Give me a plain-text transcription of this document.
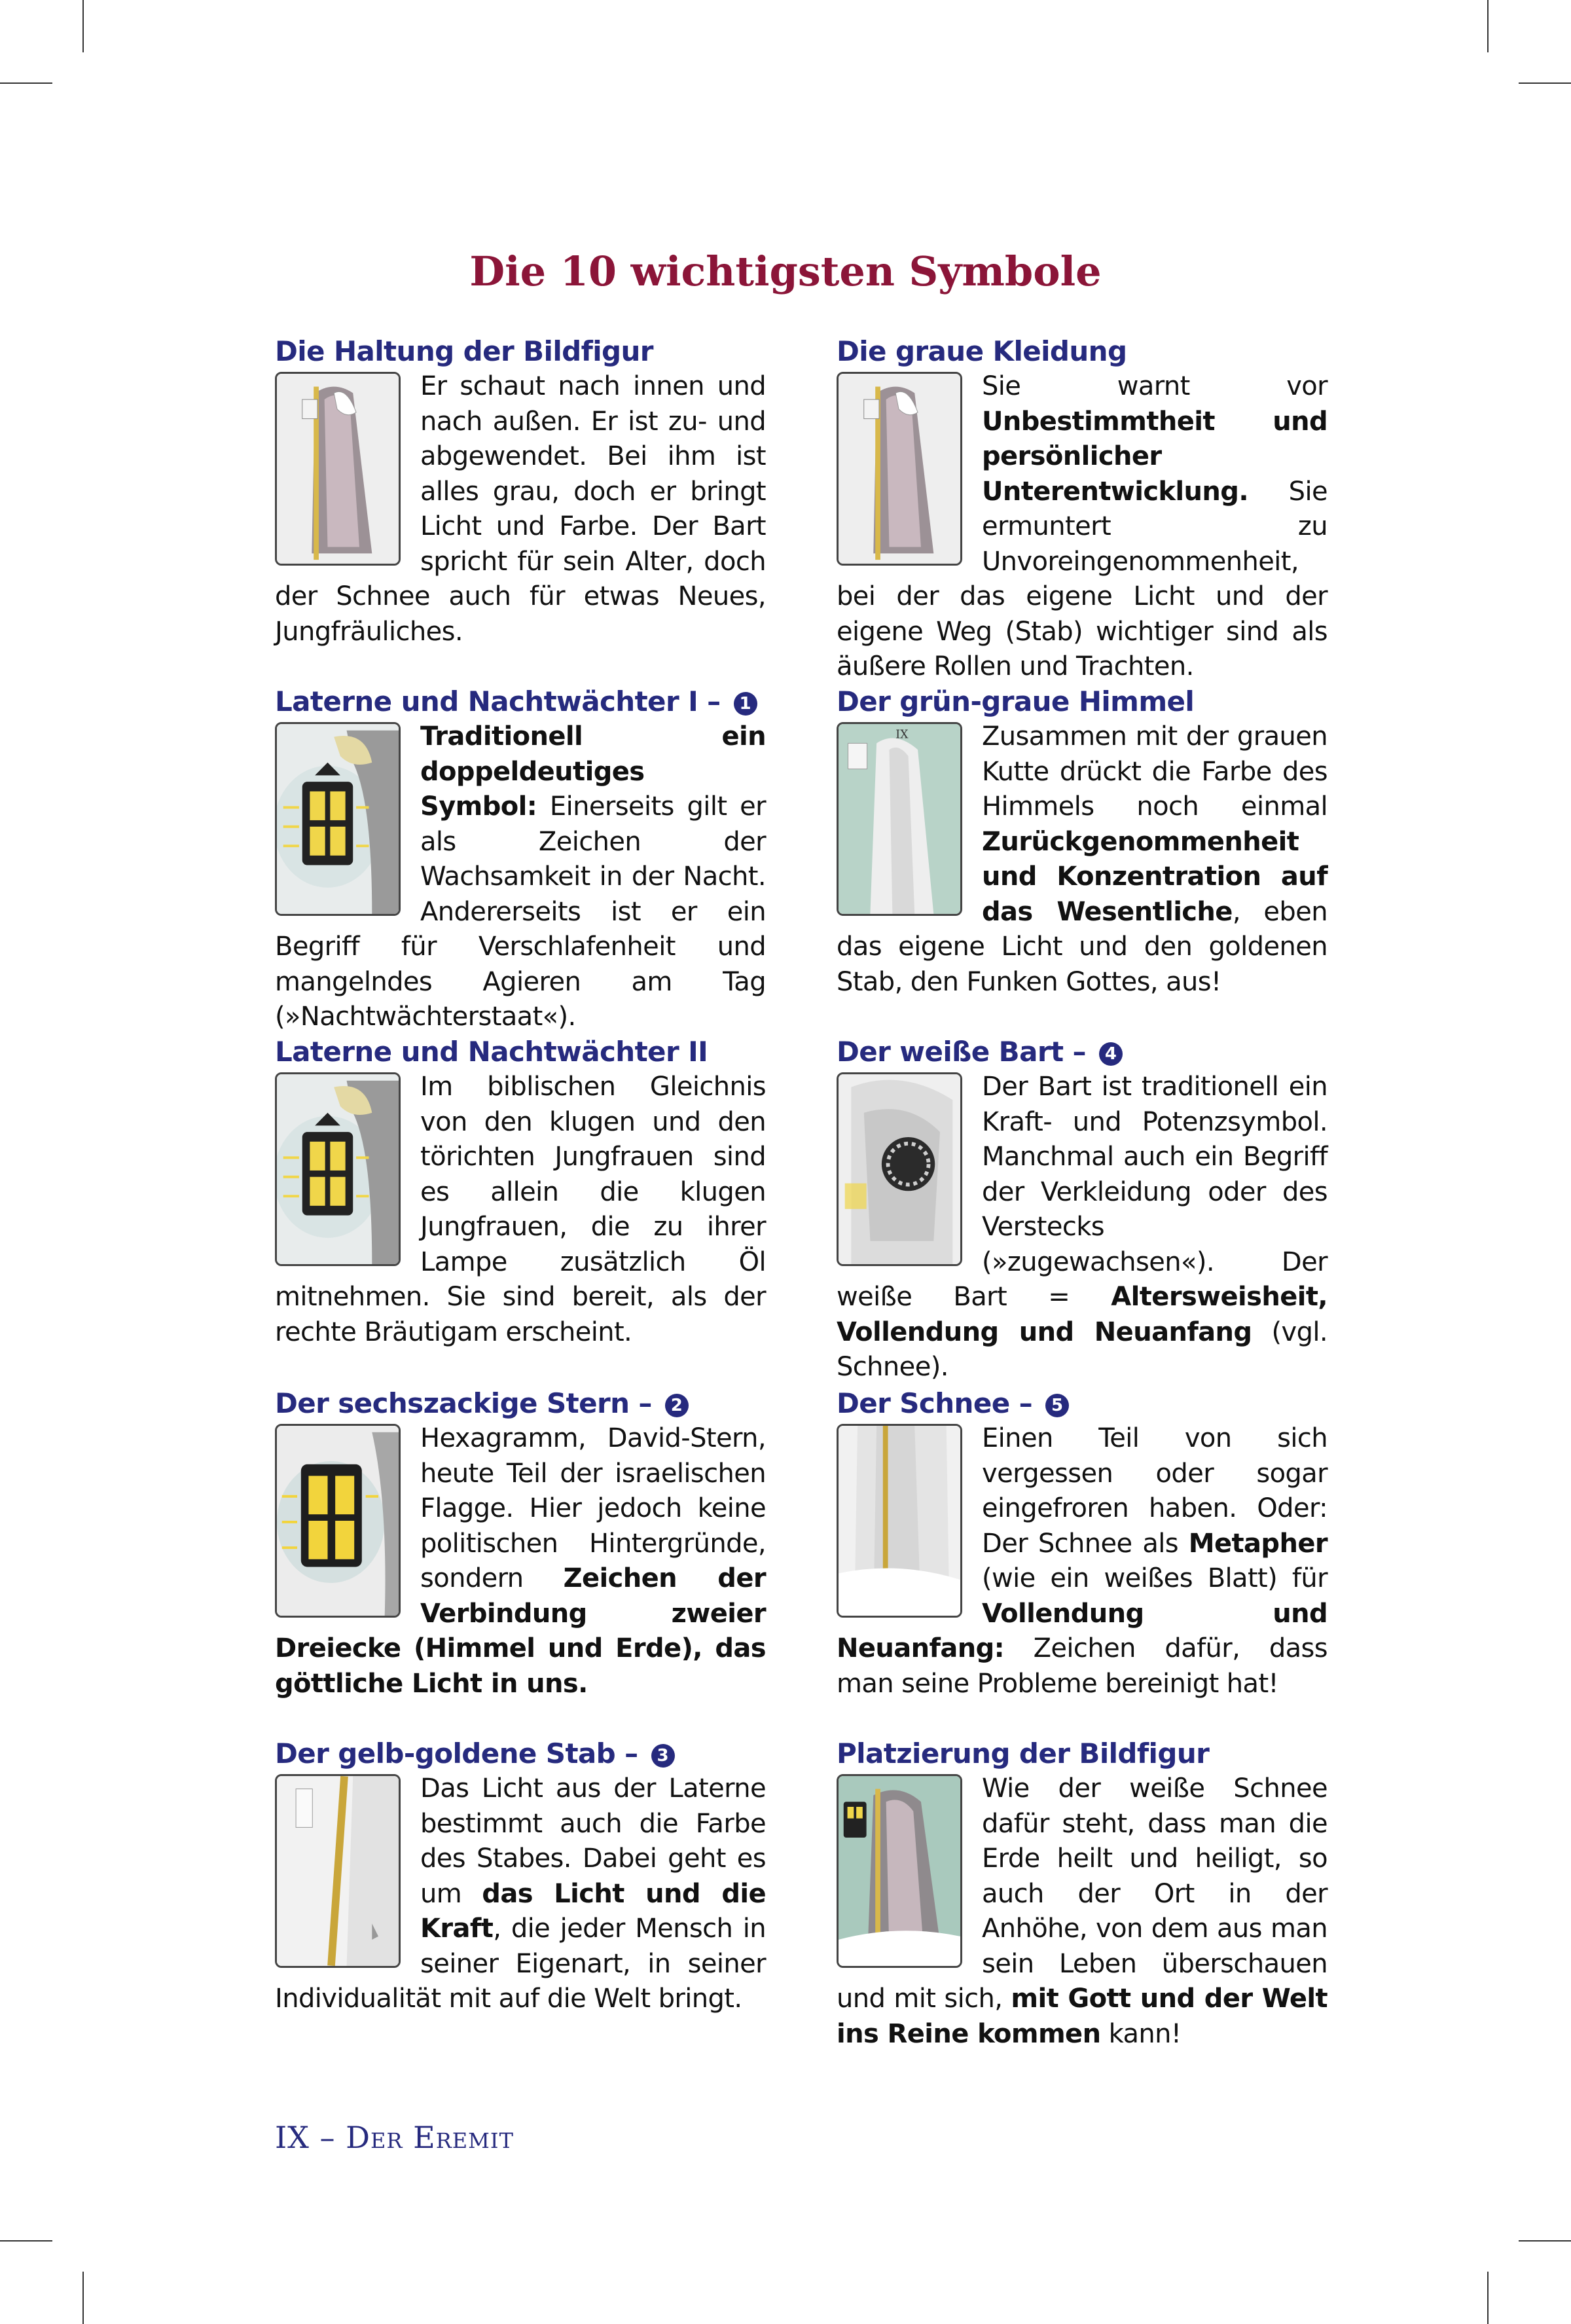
Die 10 wichtigsten Symbole
Die Haltung der Bildfigur

Er schaut nach innen und nach außen. Er ist zu- und abgewendet. Bei ihm ist alles grau, doch er bringt Licht und Farbe. Der Bart spricht für sein Alter, doch der Schnee auch für etwas Neues, Jungfräuliches.

Laterne und Nachtwächter I – 1

Traditionell ein doppeldeutiges Symbol: Einerseits gilt er als Zeichen der Wachsamkeit in der Nacht. Andererseits ist er ein Begriff für Verschlafenheit und mangelndes Agieren am Tag (»Nachtwächterstaat«).

Laterne und Nachtwächter II

Im biblischen Gleichnis von den klugen und den törichten Jungfrauen sind es allein die klugen Jungfrauen, die zu ihrer Lampe zusätzlich Öl mitnehmen. Sie sind bereit, als der rechte Bräutigam erscheint.

Der sechszackige Stern – 2

Hexagramm, David-Stern, heute Teil der israelischen Flagge. Hier jedoch keine politischen Hintergründe, sondern Zeichen der Verbindung zweier Dreiecke (Himmel und Erde), das göttliche Licht in uns.

Der gelb-goldene Stab – 3

Das Licht aus der Laterne bestimmt auch die Farbe des Stabes. Dabei geht es um das Licht und die Kraft, die jeder Mensch in seiner Eigenart, in seiner Individualität mit auf die Welt bringt.

Die graue Kleidung

Sie warnt vor Unbestimmtheit und persönlicher Unterentwicklung. Sie ermuntert zu Unvoreingenommenheit, bei der das eigene Licht und der eigene Weg (Stab) wichtiger sind als äußere Rollen und Trachten.

Der grün-graue Himmel
IX	Zusammen mit der grauen Kutte drückt die Farbe des Himmels noch einmal Zurückgenommenheit und Konzentration auf das Wesentliche, eben das eigene Licht und den goldenen Stab, den Funken Gottes, aus!

Der weiße Bart – 4

Der Bart ist traditionell ein Kraft- und Potenzsymbol. Manchmal auch ein Begriff der Verkleidung oder des Verstecks (»zugewachsen«). Der weiße Bart = Altersweisheit, Vollendung und Neuanfang (vgl. Schnee).

Der Schnee – 5

Einen Teil von sich vergessen oder sogar eingefroren haben. Oder: Der Schnee als Metapher (wie ein weißes Blatt) für Vollendung und Neuanfang: Zeichen dafür, dass man seine Probleme bereinigt hat!

Platzierung der Bildfigur

Wie der weiße Schnee dafür steht, dass man die Erde heilt und heiligt, so auch der Ort in der Anhöhe, von dem aus man sein Leben überschauen und mit sich, mit Gott und der Welt ins Reine kommen kann!

IX – Der Eremit
